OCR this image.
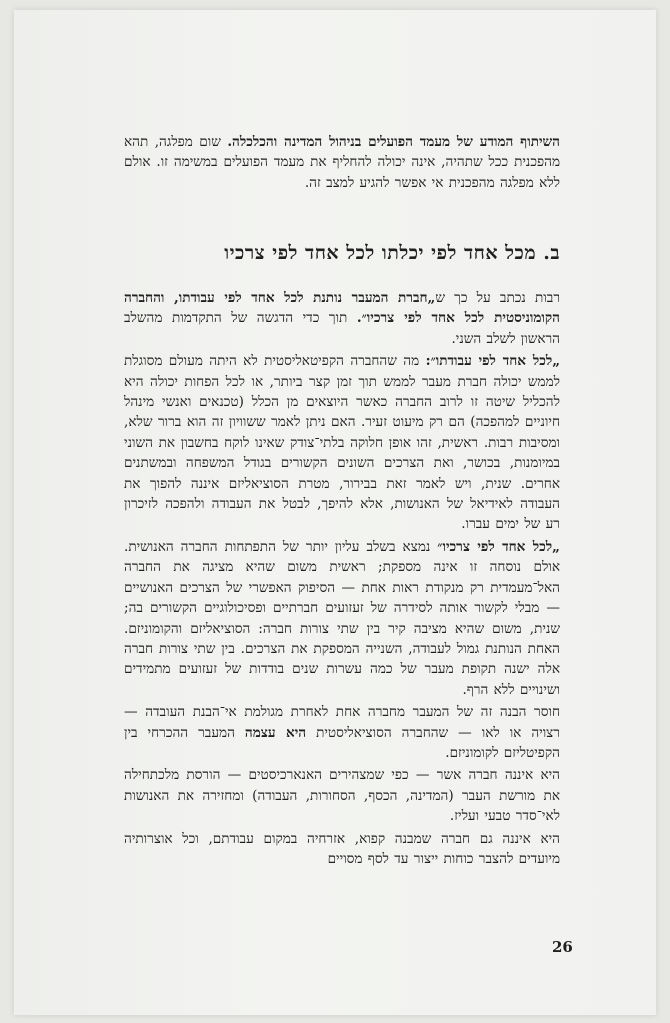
השיתוף המודע של מעמד הפועלים בניהול המדינה והכלכלה. שום מפלגה, תהא מהפכנית ככל שתהיה, אינה יכולה להחליף את מעמד הפועלים במשימה זו. אולם ללא מפלגה מהפכנית אי אפשר להגיע למצב זה.

ב. מכל אחד לפי יכלתו לכל אחד לפי צרכיו

רבות נכתב על כך ש„חברת המעבר נותנת לכל אחד לפי עבודתו, והחברה הקומוניסטית לכל אחד לפי צרכיו״. תוך כדי הדגשה של התקדמות מהשלב הראשון לשלב השני.

„לכל אחד לפי עבודתו״: מה שהחברה הקפיטאליסטית לא היתה מעולם מסוגלת לממש יכולה חברת מעבר לממש תוך זמן קצר ביותר, או לכל הפחות יכולה היא להכליל שיטה זו לרוב החברה כאשר היוצאים מן הכלל (טכנאים ואנשי מינהל חיוניים למהפכה) הם רק מיעוט זעיר. האם ניתן לאמר ששוויון זה הוא ברור שלא, ומסיבות רבות. ראשית, זהו אופן חלוקה בלתי־צודק שאינו לוקח בחשבון את השוני במיומנות, בכושר, ואת הצרכים השונים הקשורים בגודל המשפחה ובמשתנים אחרים. שנית, ויש לאמר זאת בבירור, מטרת הסוציאליזם איננה להפוך את העבודה לאידיאל של האנושות, אלא להיפך, לבטל את העבודה ולהפכה לזיכרון רע של ימים עברו.

„לכל אחד לפי צרכיו״ נמצא בשלב עליון יותר של התפתחות החברה האנושית. אולם נוסחה זו אינה מספקת; ראשית משום שהיא מציגה את החברה האל־מעמדית רק מנקודת ראות אחת — הסיפוק האפשרי של הצרכים האנושיים — מבלי לקשור אותה לסידרה של זעזועים חברתיים ופסיכולוגיים הקשורים בה; שנית, משום שהיא מציבה קיר בין שתי צורות חברה: הסוציאליזם והקומוניזם. האחת הנותנת גמול לעבודה, השנייה המספקת את הצרכים. בין שתי צורות חברה אלה ישנה תקופת מעבר של כמה עשרות שנים בודדות של זעזועים מתמידים ושינויים ללא הרף.

חוסר הבנה זה של המעבר מחברה אחת לאחרת מגולמת אי־הבנת העובדה — רצויה או לאו — שהחברה הסוציאליסטית היא עצמה המעבר ההכרחי בין הקפיטליזם לקומוניזם.

היא איננה חברה אשר — כפי שמצהירים האנארכיסטים — הורסת מלכתחילה את מורשת העבר (המדינה, הכסף, הסחורות, העבודה) ומחזירה את האנושות לאי־סדר טבעי ועליז.

היא איננה גם חברה שמבנה קפוא, אזרחיה במקום עבודתם, וכל אוצרותיה מיועדים להצבר כוחות ייצור עד לסף מסויים

26
